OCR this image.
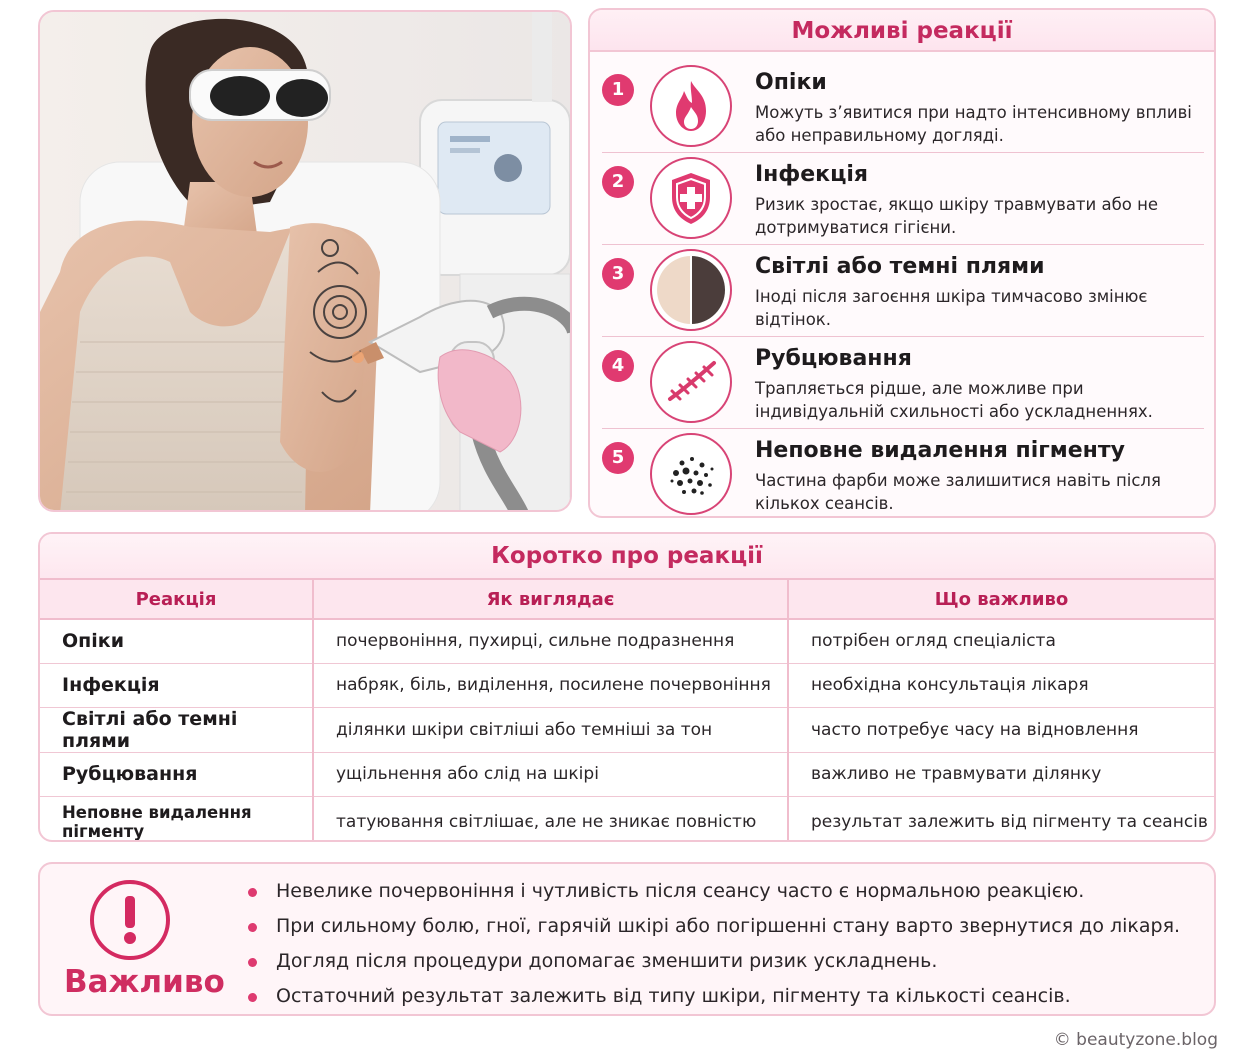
Можливі реакції
1	Опіки
Можуть з’явитися при надто інтенсивному впливі або неправильному догляді.
2	Інфекція
Ризик зростає, якщо шкіру травмувати або не дотримуватися гігієни.
3	Світлі або темні плями
Іноді після загоєння шкіра тимчасово змінює відтінок.
4	Рубцювання
Трапляється рідше, але можливе при індивідуальній схильності або ускладненнях.
5	Неповне видалення пігменту
Частина фарби може залишитися навіть після кількох сеансів.
Коротко про реакції
Реакція	Як виглядає	Що важливо
Опіки	почервоніння, пухирці, сильне подразнення	потрібен огляд спеціаліста
Інфекція	набряк, біль, виділення, посилене почервоніння	необхідна консультація лікаря
Світлі або темні плями	ділянки шкіри світліші або темніші за тон	часто потребує часу на відновлення
Рубцювання	ущільнення або слід на шкірі	важливо не травмувати ділянку
Неповне видалення пігменту	татуювання світлішає, але не зникає повністю	результат залежить від пігменту та сеансів
Важливо
Невелике почервоніння і чутливість після сеансу часто є нормальною реакцією.
При сильному болю, гної, гарячій шкірі або погіршенні стану варто звернутися до лікаря.
Догляд після процедури допомагає зменшити ризик ускладнень.
Остаточний результат залежить від типу шкіри, пігменту та кількості сеансів.
© beautyzone.blog
